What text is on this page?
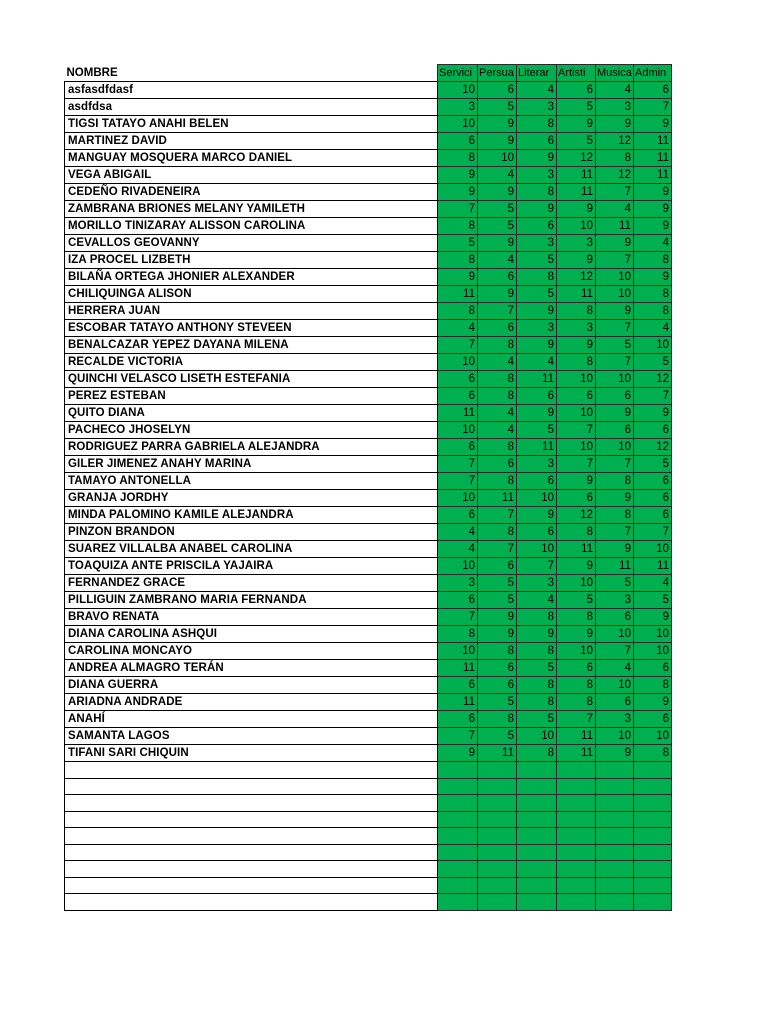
NOMBRE	Servici	Persua	Literar	Artisti	Musica	Admin
asfasdfdasf	10	6	4	6	4	6
asdfdsa	3	5	3	5	3	7
TIGSI TATAYO ANAHI BELEN	10	9	8	9	9	9
MARTINEZ DAVID	6	9	6	5	12	11
MANGUAY MOSQUERA MARCO DANIEL	8	10	9	12	8	11
VEGA ABIGAIL	9	4	3	11	12	11
CEDEÑO RIVADENEIRA	9	9	8	11	7	9
ZAMBRANA BRIONES MELANY YAMILETH	7	5	9	9	4	9
MORILLO TINIZARAY ALISSON CAROLINA	8	5	6	10	11	9
CEVALLOS GEOVANNY	5	9	3	3	9	4
IZA PROCEL LIZBETH	8	4	5	9	7	8
BILAÑA ORTEGA JHONIER ALEXANDER	9	6	8	12	10	9
CHILIQUINGA ALISON	11	9	5	11	10	8
HERRERA JUAN	8	7	9	8	9	8
ESCOBAR TATAYO ANTHONY STEVEEN	4	6	3	3	7	4
BENALCAZAR YEPEZ DAYANA MILENA	7	8	9	9	5	10
RECALDE VICTORIA	10	4	4	8	7	5
QUINCHI VELASCO LISETH ESTEFANIA	6	8	11	10	10	12
PEREZ ESTEBAN	6	8	6	6	6	7
QUITO DIANA	11	4	9	10	9	9
PACHECO JHOSELYN	10	4	5	7	6	6
RODRIGUEZ PARRA GABRIELA ALEJANDRA	6	8	11	10	10	12
GILER JIMENEZ ANAHY MARINA	7	6	3	7	7	5
TAMAYO ANTONELLA	7	8	6	9	8	6
GRANJA JORDHY	10	11	10	6	9	6
MINDA PALOMINO KAMILE ALEJANDRA	6	7	9	12	8	6
PINZON BRANDON	4	8	6	8	7	7
SUAREZ VILLALBA ANABEL CAROLINA	4	7	10	11	9	10
TOAQUIZA ANTE PRISCILA YAJAIRA	10	6	7	9	11	11
FERNANDEZ GRACE	3	5	3	10	5	4
PILLIGUIN ZAMBRANO MARIA FERNANDA	6	5	4	5	3	5
BRAVO RENATA	7	9	8	8	6	9
DIANA CAROLINA ASHQUI	8	9	9	9	10	10
CAROLINA MONCAYO	10	8	8	10	7	10
ANDREA ALMAGRO TERÁN	11	6	5	6	4	6
DIANA GUERRA	6	6	8	8	10	8
ARIADNA ANDRADE	11	5	8	8	6	9
ANAHÍ	6	8	5	7	3	6
SAMANTA LAGOS	7	5	10	11	10	10
TIFANI SARI CHIQUIN	9	11	8	11	9	8
